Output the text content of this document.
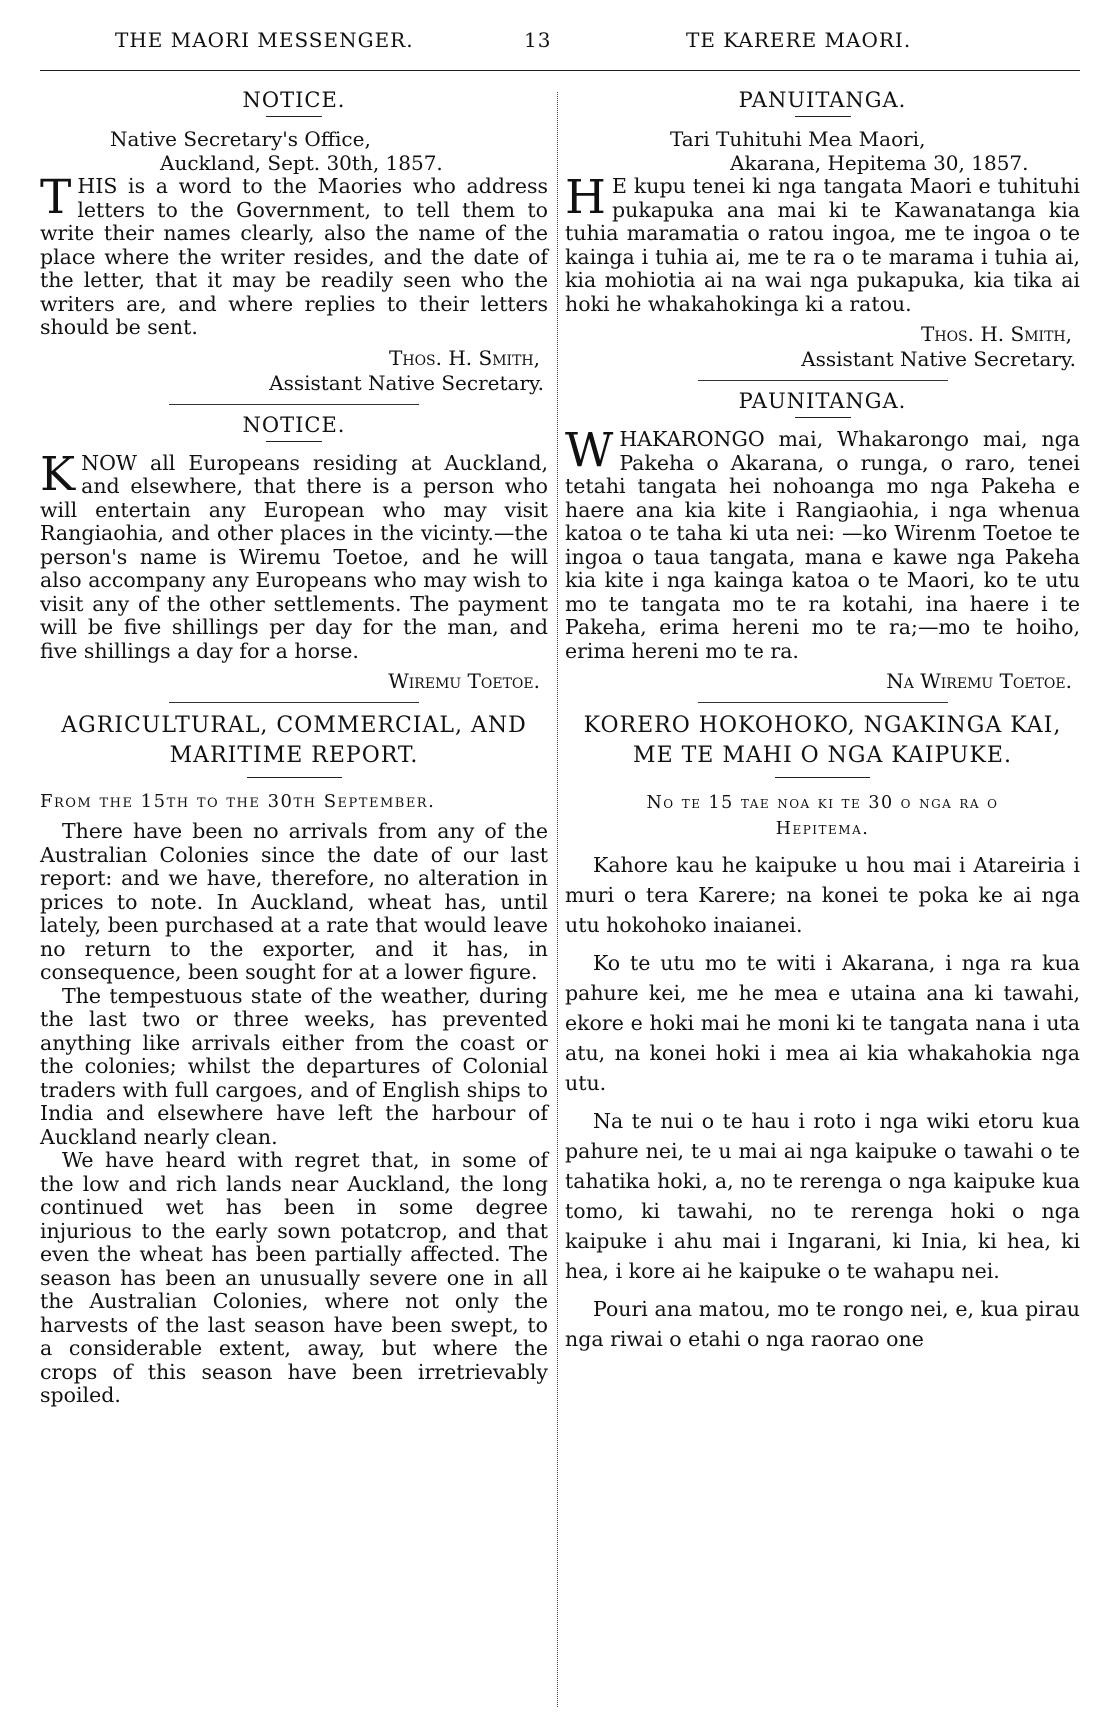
THE MAORI MESSENGER.	13	TE KARERE MAORI.
NOTICE.
Native Secretary's Office,
Auckland, Sept. 30th, 1857.

THIS is a word to the Maories who address letters to the Government, to tell them to write their names clearly, also the name of the place where the writer resides, and the date of the letter, that it may be readily seen who the writers are, and where replies to their letters should be sent.

Thos. H. Smith,
Assistant Native Secretary.
NOTICE.

KNOW all Europeans residing at Auckland, and elsewhere, that there is a person who will entertain any European who may visit Rangiaohia, and other places in the vicinty.—the person's name is Wiremu Toetoe, and he will also accompany any Europeans who may wish to visit any of the other settlements. The payment will be five shillings per day for the man, and five shillings a day for a horse.

Wiremu Toetoe.
AGRICULTURAL, COMMERCIAL, AND
MARITIME REPORT.
From the 15th to the 30th September.

There have been no arrivals from any of the Australian Colonies since the date of our last report: and we have, therefore, no alteration in prices to note. In Auckland, wheat has, until lately, been purchased at a rate that would leave no return to the exporter, and it has, in consequence, been sought for at a lower figure.

The tempestuous state of the weather, during the last two or three weeks, has prevented anything like arrivals either from the coast or the colonies; whilst the departures of Colonial traders with full cargoes, and of English ships to India and elsewhere have left the harbour of Auckland nearly clean.

We have heard with regret that, in some of the low and rich lands near Auckland, the long continued wet has been in some degree injurious to the early sown potatcrop, and that even the wheat has been partially affected. The season has been an unusually severe one in all the Australian Colonies, where not only the harvests of the last season have been swept, to a considerable extent, away, but where the crops of this season have been irretrievably spoiled.

PANUITANGA.
Tari Tuhituhi Mea Maori,
Akarana, Hepitema 30, 1857.

H E kupu tenei ki nga tangata Maori e tuhituhi pukapuka ana mai ki te Kawanatanga kia tuhia maramatia o ratou ingoa, me te ingoa o te kainga i tuhia ai, me te ra o te marama i tuhia ai, kia mohiotia ai na wai nga pukapuka, kia tika ai hoki he whakahokinga ki a ratou.

Thos. H. Smith,
Assistant Native Secretary.
PAUNITANGA.

WHAKARONGO mai, Whakarongo mai, nga Pakeha o Akarana, o runga, o raro, tenei tetahi tangata hei nohoanga mo nga Pakeha e haere ana kia kite i Rangiaohia, i nga whenua katoa o te taha ki uta nei: —ko Wirenm Toetoe te ingoa o taua tangata, mana e kawe nga Pakeha kia kite i nga kainga katoa o te Maori, ko te utu mo te tangata mo te ra kotahi, ina haere i te Pakeha, erima hereni mo te ra;—mo te hoiho, erima hereni mo te ra.

Na Wiremu Toetoe.
KORERO HOKOHOKO, NGAKINGA KAI,
ME TE MAHI O NGA KAIPUKE.
No te 15 tae noa ki te 30 o nga ra o
Hepitema.

Kahore kau he kaipuke u hou mai i Atareiria i muri o tera Karere; na konei te poka ke ai nga utu hokohoko inaianei.

Ko te utu mo te witi i Akarana, i nga ra kua pahure kei, me he mea e utaina ana ki tawahi, ekore e hoki mai he moni ki te tangata nana i uta atu, na konei hoki i mea ai kia whakahokia nga utu.

Na te nui o te hau i roto i nga wiki etoru kua pahure nei, te u mai ai nga kaipuke o tawahi o te tahatika hoki, a, no te rerenga o nga kaipuke kua tomo, ki tawahi, no te rerenga hoki o nga kaipuke i ahu mai i Ingarani, ki Inia, ki hea, ki hea, i kore ai he kaipuke o te wahapu nei.

Pouri ana matou, mo te rongo nei, e, kua pirau nga riwai o etahi o nga raorao one
